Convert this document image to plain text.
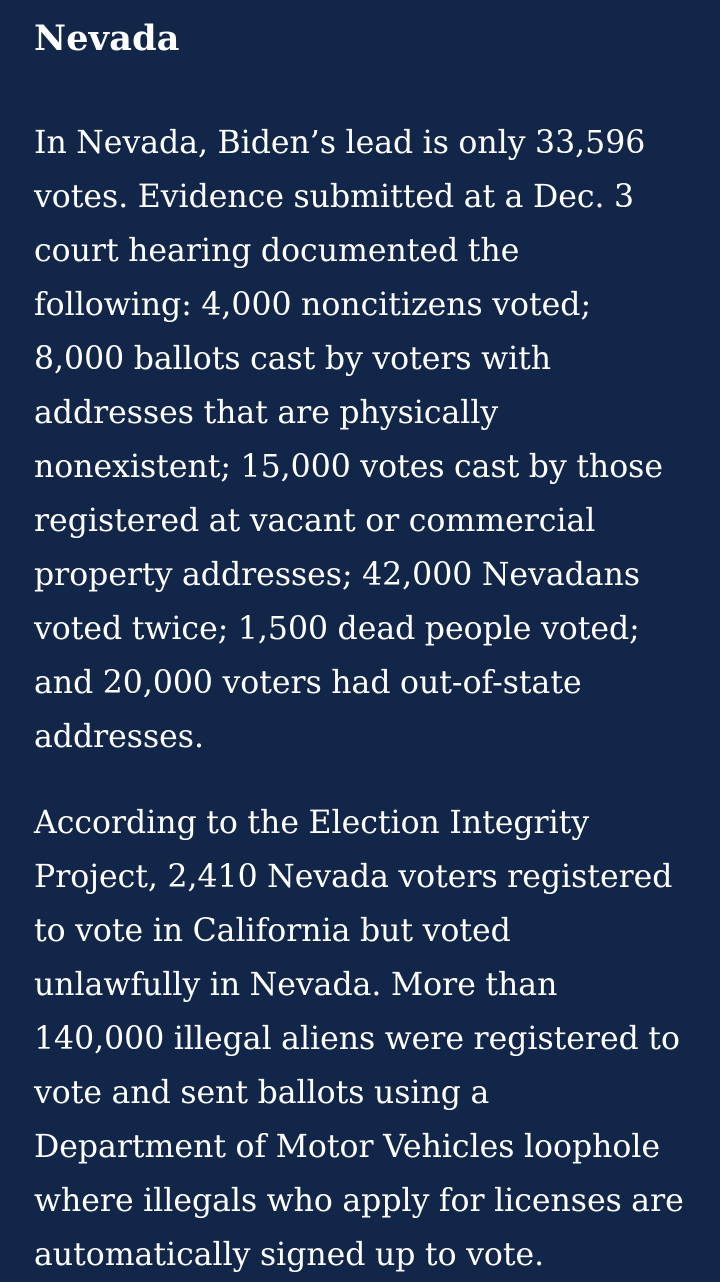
Nevada

In Nevada, Biden’s lead is only 33,596 votes. Evidence submitted at a Dec. 3 court hearing documented the following: 4,000 noncitizens voted; 8,000 ballots cast by voters with addresses that are physically nonexistent; 15,000 votes cast by those registered at vacant or commercial property addresses; 42,000 Nevadans voted twice; 1,500 dead people voted; and 20,000 voters had out-of-state addresses.

According to the Election Integrity Project, 2,410 Nevada voters registered to vote in California but voted unlawfully in Nevada. More than 140,000 illegal aliens were registered to vote and sent ballots using a Department of Motor Vehicles loophole where illegals who apply for licenses are automatically signed up to vote.
